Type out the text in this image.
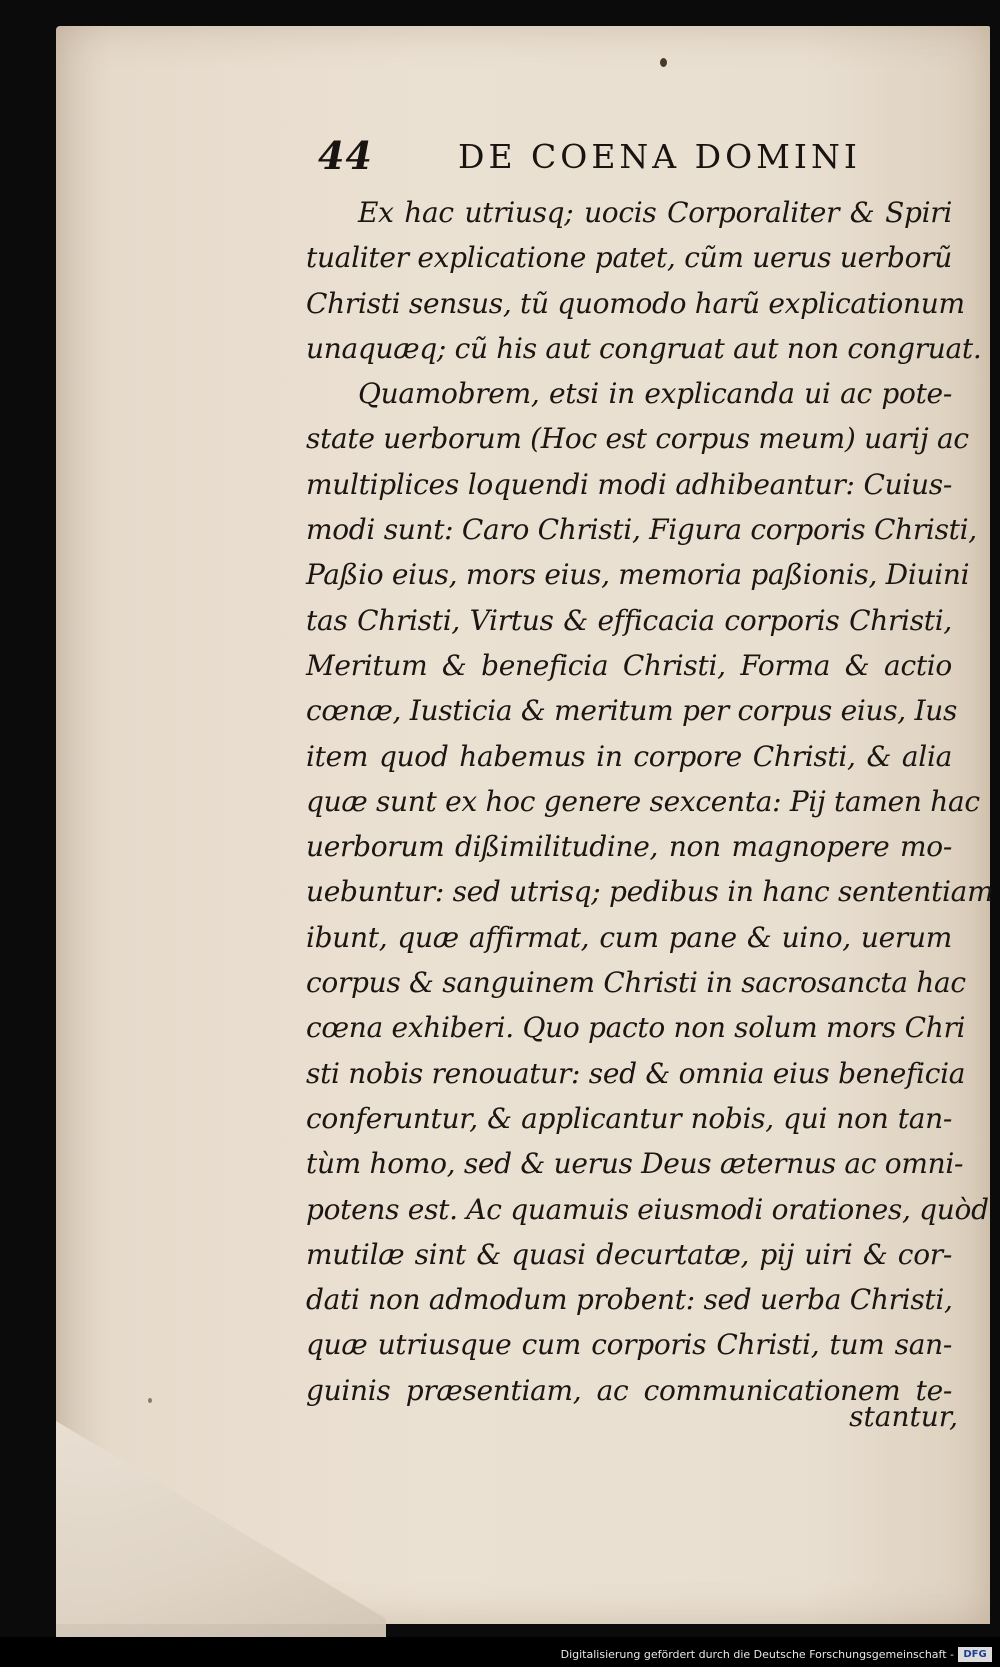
44	DE COENA DOMINI
Ex hac utriusq; uocis Corporaliter & Spiri
tualiter explicatione patet, cũm uerus uerborũ
Christi sensus, tũ quomodo harũ explicationum
unaquæq; cũ his aut congruat aut non congruat.
Quamobrem, etsi in explicanda ui ac pote-
state uerborum (Hoc est corpus meum) uarij ac
multiplices loquendi modi adhibeantur: Cuius-
modi sunt: Caro Christi, Figura corporis Christi,
Paßio eius, mors eius, memoria paßionis, Diuini
tas Christi, Virtus & efficacia corporis Christi,
Meritum & beneficia Christi, Forma & actio
cœnæ, Iusticia & meritum per corpus eius, Ius
item quod habemus in corpore Christi, & alia
quæ sunt ex hoc genere sexcenta: Pij tamen hac
uerborum dißimilitudine, non magnopere mo-
uebuntur: sed utrisq; pedibus in hanc sententiam
ibunt, quæ affirmat, cum pane & uino, uerum
corpus & sanguinem Christi in sacrosancta hac
cœna exhiberi. Quo pacto non solum mors Chri
sti nobis renouatur: sed & omnia eius beneficia
conferuntur, & applicantur nobis, qui non tan-
tùm homo, sed & uerus Deus æternus ac omni-
potens est. Ac quamuis eiusmodi orationes, quòd
mutilæ sint & quasi decurtatæ, pij uiri & cor-
dati non admodum probent: sed uerba Christi,
quæ utriusque cum corporis Christi, tum san-
guinis præsentiam, ac communicationem te-
stantur,
Digitalisierung gefördert durch die Deutsche Forschungsgemeinschaft - DFG
